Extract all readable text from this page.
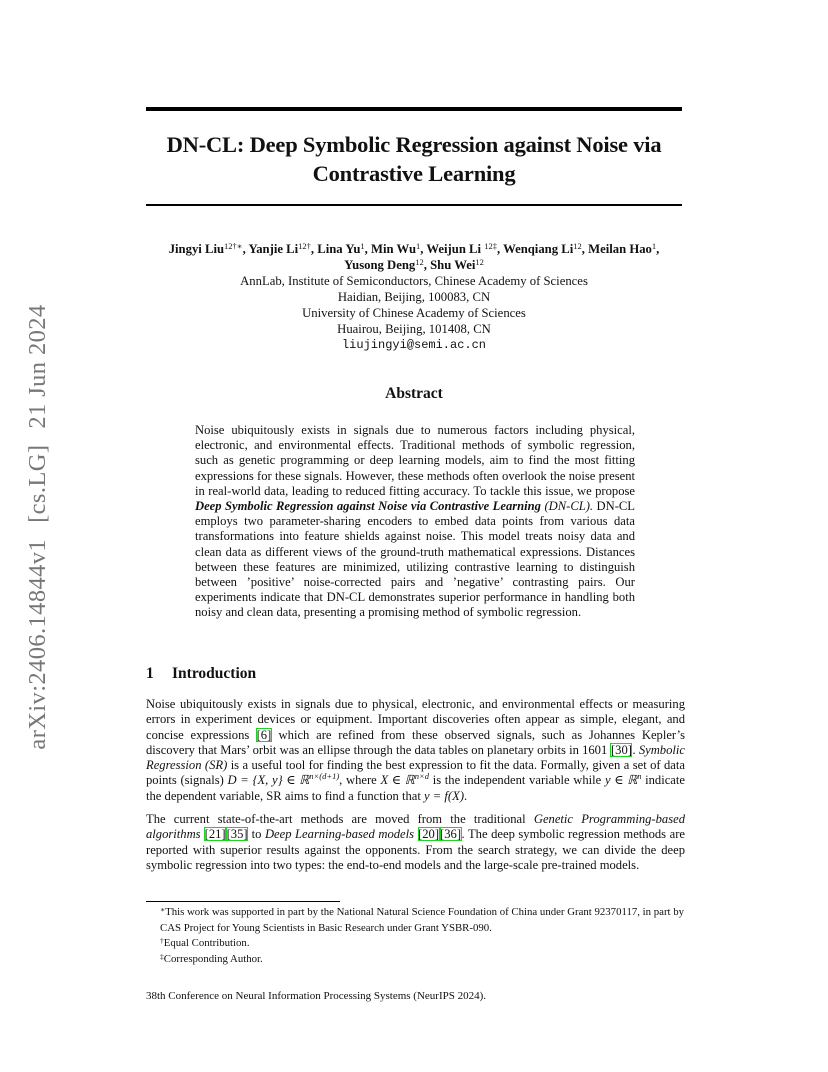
arXiv:2406.14844v1[cs.LG]21 Jun 2024
DN-CL: Deep Symbolic Regression against Noise via Contrastive Learning
Jingyi Liu$^{12\dagger∗}$, Yanjie $Li^{12\dagger}$, Lina Yu$^1$, Min Wu$^1$, Weijun Li $^{12\ddagger}$, Wenqiang Li$^{12}$, Meilan Hao$^1$,
Yusong Deng$^{12}$, Shu Wei$^{12}$
AnnLab, Institute of Semiconductors, Chinese Academy of Sciences
Haidian, Beijing, 100083, CN
University of Chinese Academy of Sciences
Huairou, Beijing, 101408, CN
liujingyi@semi.ac.cn
Abstract
Noise ubiquitously exists in signals due to numerous factors including physical, electronic, and environmental effects. Traditional methods of symbolic regression, such as genetic programming or deep learning models, aim to find the most fitting expressions for these signals. However, these methods often overlook the noise present in real-world data, leading to reduced fitting accuracy. To tackle this issue, we propose Deep Symbolic Regression against Noise via Contrastive Learning (DN-CL). DN-CL employs two parameter-sharing encoders to embed data points from various data transformations into feature shields against noise. This model treats noisy data and clean data as different views of the ground-truth mathematical expressions. Distances between these features are minimized, utilizing contrastive learning to distinguish between ’positive’ noise-corrected pairs and ’negative’ contrasting pairs. Our experiments indicate that DN-CL demonstrates superior performance in handling both noisy and clean data, presenting a promising method of symbolic regression.
1 Introduction
Noise ubiquitously exists in signals due to physical, electronic, and environmental effects or measuring errors in experiment devices or equipment. Important discoveries often appear as simple, elegant, and concise expressions [6] which are refined from these observed signals, such as Johannes Kepler’s discovery that Mars’ orbit was an ellipse through the data tables on planetary orbits in 1601 [30]. Symbolic Regression (SR) is a useful tool for finding the best expression to fit the data. Formally, given a set of data points (signals) D = {X, y} ∈ ℝ$^{n\times(d+1)}$, where X ∈ ℝ$^{n\times d}$ is the independent variable while y ∈ ℝ$^n$ indicate the dependent variable, SR aims to find a function that y = f(X).
The current state-of-the-art methods are moved from the traditional Genetic Programming-based algorithms [21][35] to Deep Learning-based models [20][36]. The deep symbolic regression methods are reported with superior results against the opponents. From the search strategy, we can divide the deep symbolic regression into two types: the end-to-end models and the large-scale pre-trained models.
∗This work was supported in part by the National Natural Science Foundation of China under Grant 92370117, in part by CAS Project for Young Scientists in Basic Research under Grant YSBR-090.
†Equal Contribution.
‡Corresponding Author.
38th Conference on Neural Information Processing Systems (NeurIPS 2024).
